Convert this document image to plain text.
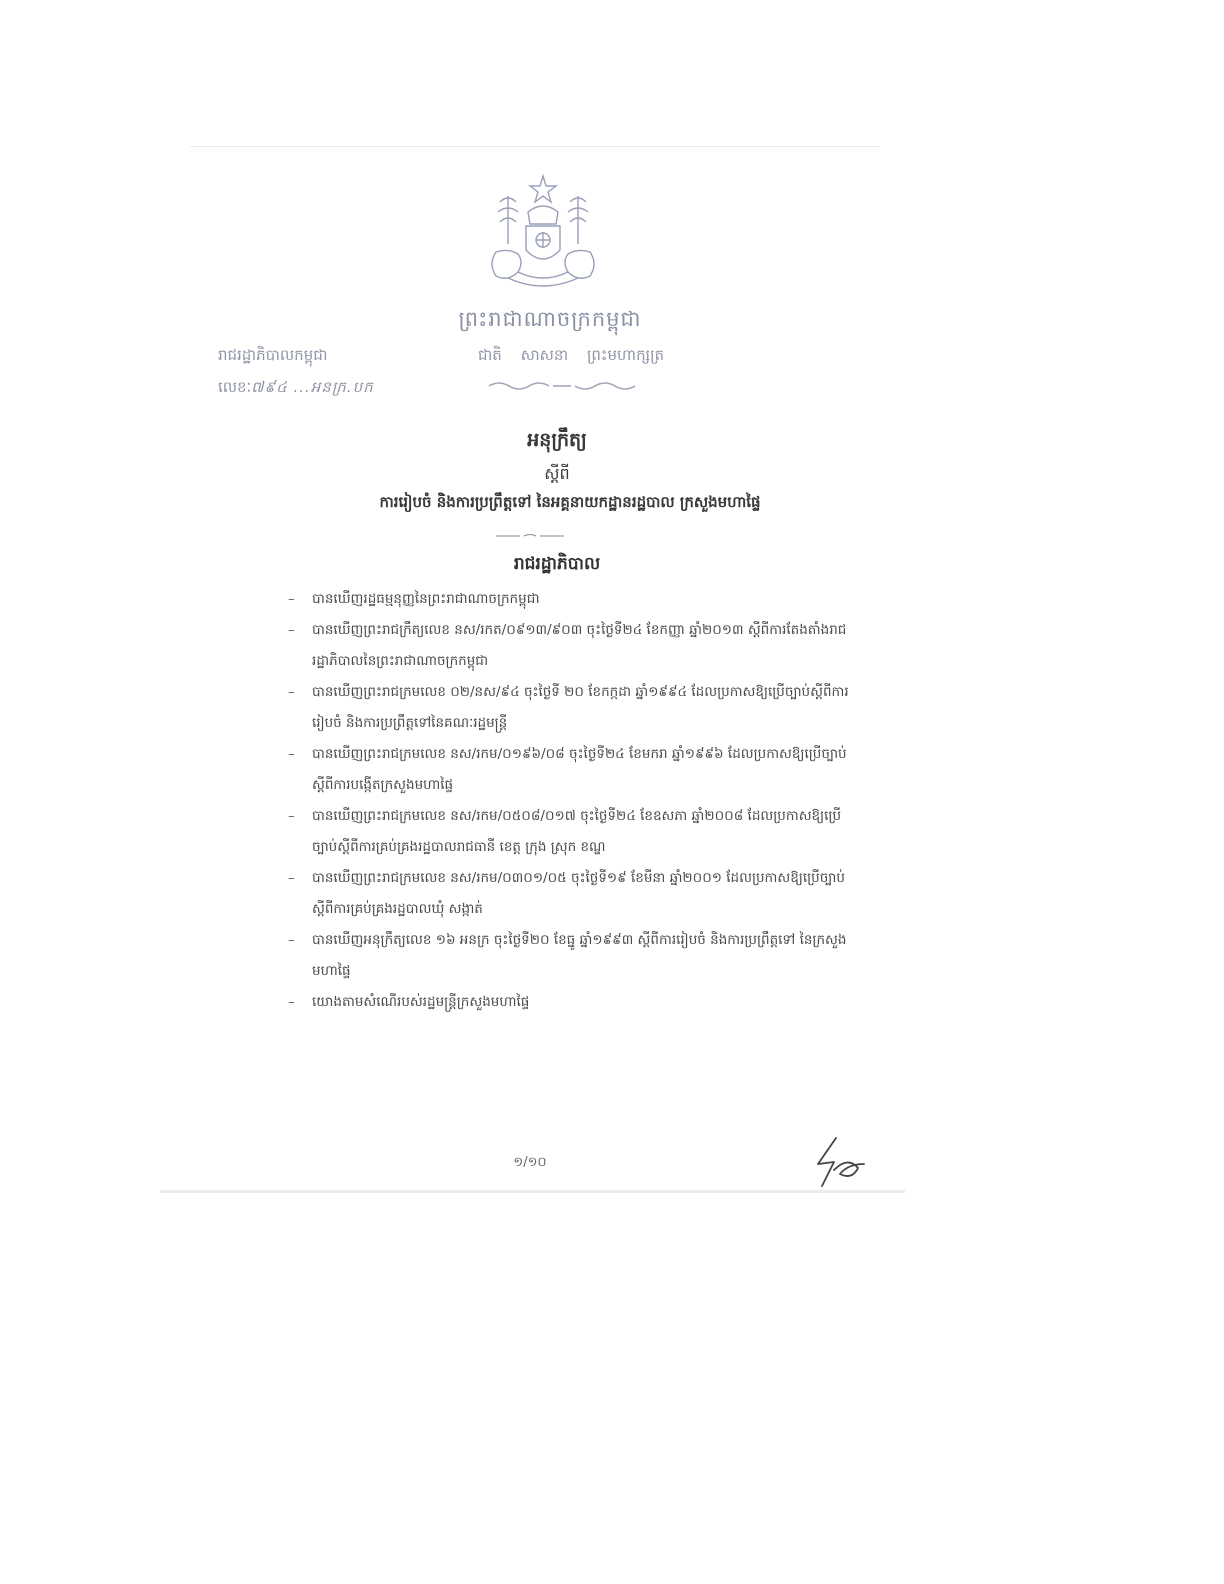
ព្រះរាជាណាចក្រកម្ពុជា
រាជរដ្ឋាភិបាលកម្ពុជា	ជាតិ សាសនា ព្រះមហាក្សត្រ
លេខៈ៧៩៤ ...អនក្រ.បក
អនុក្រឹត្យ
ស្ដីពី
ការរៀបចំ និងការប្រព្រឹត្តទៅ នៃអគ្គនាយកដ្ឋានរដ្ឋបាល ក្រសួងមហាផ្ទៃ
រាជរដ្ឋាភិបាល
– បានឃើញរដ្ឋធម្មនុញ្ញនៃព្រះរាជាណាចក្រកម្ពុជា
– បានឃើញព្រះរាជក្រឹត្យលេខ នស/រកត/០៩១៣/៩០៣ ចុះថ្ងៃទី២៤ ខែកញ្ញា ឆ្នាំ២០១៣ ស្ដីពីការតែងតាំងរាជរដ្ឋាភិបាលនៃព្រះរាជាណាចក្រកម្ពុជា
– បានឃើញព្រះរាជក្រមលេខ ០២/នស/៩៤ ចុះថ្ងៃទី ២០ ខែកក្កដា ឆ្នាំ១៩៩៤ ដែលប្រកាសឱ្យប្រើច្បាប់ស្ដីពីការរៀបចំ និងការប្រព្រឹត្តទៅនៃគណៈរដ្ឋមន្ត្រី
– បានឃើញព្រះរាជក្រមលេខ នស/រកម/០១៩៦/០៨ ចុះថ្ងៃទី២៤ ខែមករា ឆ្នាំ១៩៩៦ ដែលប្រកាសឱ្យប្រើច្បាប់ស្ដីពីការបង្កើតក្រសួងមហាផ្ទៃ
– បានឃើញព្រះរាជក្រមលេខ នស/រកម/០៥០៨/០១៧ ចុះថ្ងៃទី២៤ ខែឧសភា ឆ្នាំ២០០៨ ដែលប្រកាសឱ្យប្រើច្បាប់ស្ដីពីការគ្រប់គ្រងរដ្ឋបាលរាជធានី ខេត្ត ក្រុង ស្រុក ខណ្ឌ
– បានឃើញព្រះរាជក្រមលេខ នស/រកម/០៣០១/០៥ ចុះថ្ងៃទី១៩ ខែមីនា ឆ្នាំ២០០១ ដែលប្រកាសឱ្យប្រើច្បាប់ស្ដីពីការគ្រប់គ្រងរដ្ឋបាលឃុំ សង្កាត់
– បានឃើញអនុក្រឹត្យលេខ ១៦ អនក្រ ចុះថ្ងៃទី២០ ខែធ្នូ ឆ្នាំ១៩៩៣ ស្ដីពីការរៀបចំ និងការប្រព្រឹត្តទៅ នៃក្រសួងមហាផ្ទៃ
– យោងតាមសំណើរបស់រដ្ឋមន្ត្រីក្រសួងមហាផ្ទៃ
១/១០
